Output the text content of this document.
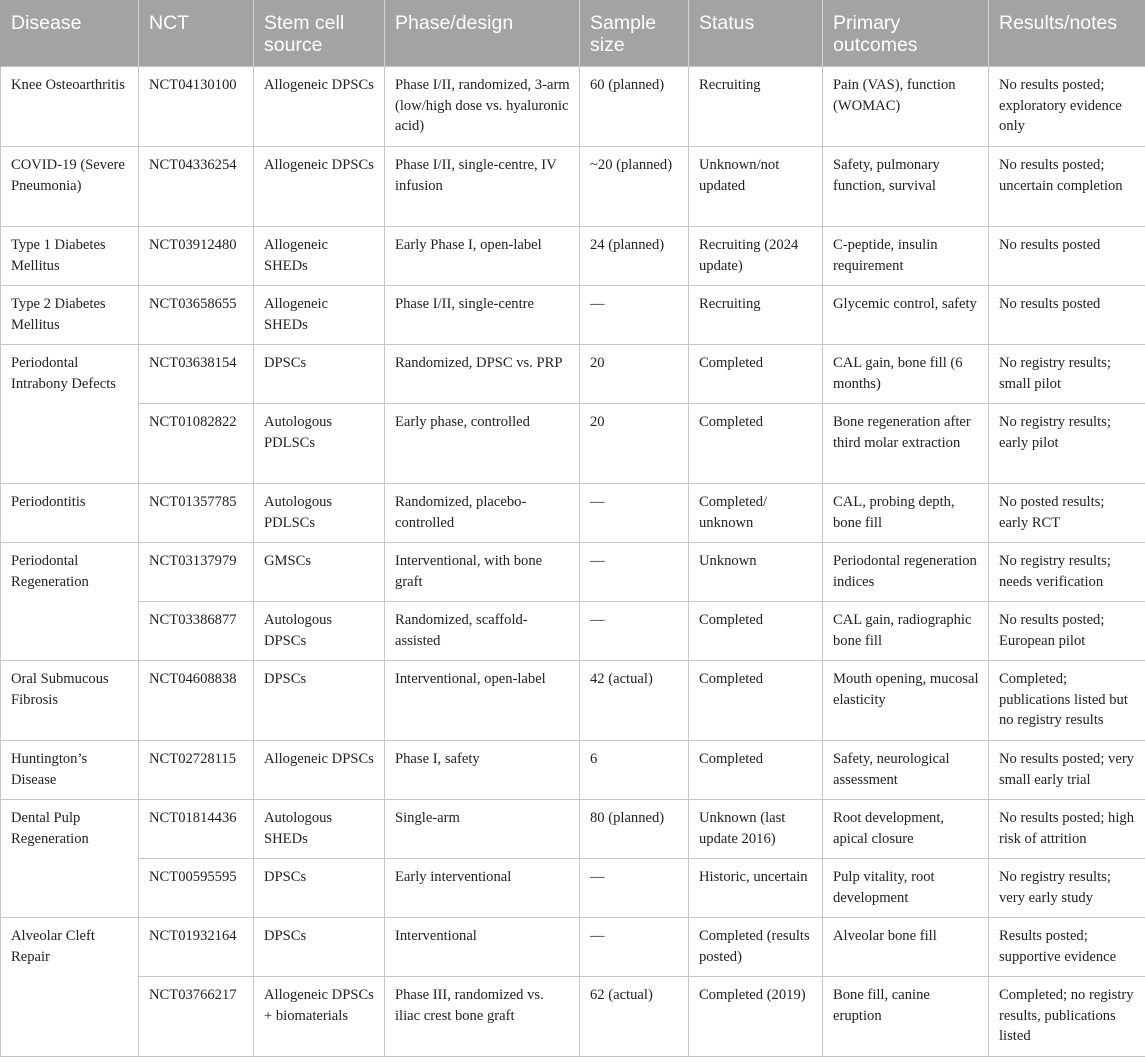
Disease	NCT	Stem cell source	Phase/design	Sample size	Status	Primary outcomes	Results/notes
Knee Osteoarthritis	NCT04130100	Allogeneic DPSCs	Phase I/II, randomized, 3-arm (low/high dose vs. hyaluronic acid)	60 (planned)	Recruiting	Pain (VAS), function (WOMAC)	No results posted; exploratory evidence only
COVID-19 (Severe Pneumonia)	NCT04336254	Allogeneic DPSCs	Phase I/II, single-centre, IV infusion	~20 (planned)	Unknown/not updated	Safety, pulmonary function, survival	No results posted; uncertain completion
Type 1 Diabetes Mellitus	NCT03912480	Allogeneic SHEDs	Early Phase I, open-label	24 (planned)	Recruiting (2024 update)	C-peptide, insulin requirement	No results posted
Type 2 Diabetes Mellitus	NCT03658655	Allogeneic SHEDs	Phase I/II, single-centre	—	Recruiting	Glycemic control, safety	No results posted
Periodontal Intrabony Defects	NCT03638154	DPSCs	Randomized, DPSC vs. PRP	20	Completed	CAL gain, bone fill (6 months)	No registry results; small pilot
	NCT01082822	Autologous PDLSCs	Early phase, controlled	20	Completed	Bone regeneration after third molar extraction	No registry results; early pilot
Periodontitis	NCT01357785	Autologous PDLSCs	Randomized, placebo-controlled	—	Completed/ unknown	CAL, probing depth, bone fill	No posted results; early RCT
Periodontal Regeneration	NCT03137979	GMSCs	Interventional, with bone graft	—	Unknown	Periodontal regeneration indices	No registry results; needs verification
	NCT03386877	Autologous DPSCs	Randomized, scaffold-assisted	—	Completed	CAL gain, radiographic bone fill	No results posted; European pilot
Oral Submucous Fibrosis	NCT04608838	DPSCs	Interventional, open-label	42 (actual)	Completed	Mouth opening, mucosal elasticity	Completed; publications listed but no registry results
Huntington’s Disease	NCT02728115	Allogeneic DPSCs	Phase I, safety	6	Completed	Safety, neurological assessment	No results posted; very small early trial
Dental Pulp Regeneration	NCT01814436	Autologous SHEDs	Single-arm	80 (planned)	Unknown (last update 2016)	Root development, apical closure	No results posted; high risk of attrition
	NCT00595595	DPSCs	Early interventional	—	Historic, uncertain	Pulp vitality, root development	No registry results; very early study
Alveolar Cleft Repair	NCT01932164	DPSCs	Interventional	—	Completed (results posted)	Alveolar bone fill	Results posted; supportive evidence
	NCT03766217	Allogeneic DPSCs + biomaterials	Phase III, randomized vs. iliac crest bone graft	62 (actual)	Completed (2019)	Bone fill, canine eruption	Completed; no registry results, publications listed
